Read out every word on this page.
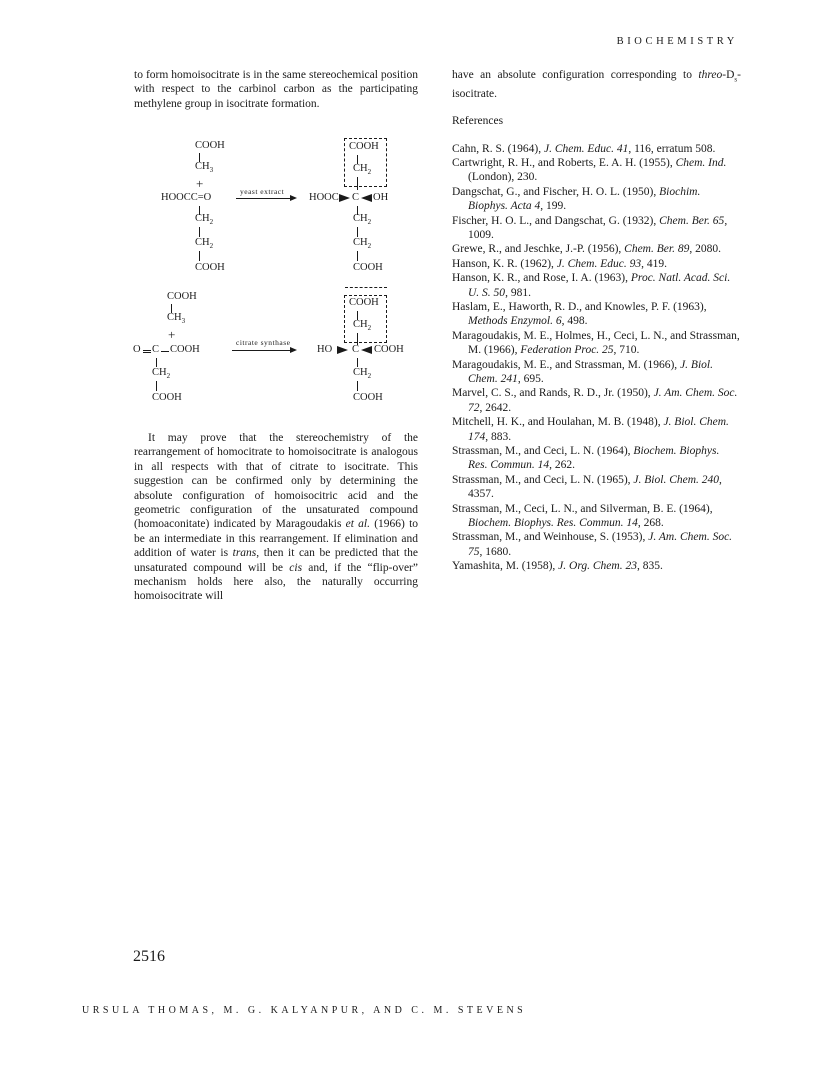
BIOCHEMISTRY

to form homoisocitrate is in the same stereochemical position with respect to the carbinol carbon as the participating methylene group in isocitrate formation.

COOH
$CH_3$
+
HOOCC=O
$CH_2$
$CH_2$
COOH
yeast extract
COOH
$CH_2$
HOOC C OH
$CH_2$
$CH_2$
COOH
COOH
$CH_3$
+
O C COOH
$CH_2$
COOH
citrate synthase
COOH
$CH_2$
HO C COOH
$CH_2$
COOH

It may prove that the stereochemistry of the rearrangement of homocitrate to homoisocitrate is analogous in all respects with that of citrate to isocitrate. This suggestion can be confirmed only by determining the absolute configuration of homoisocitric acid and the geometric configuration of the unsaturated compound (homoaconitate) indicated by Maragoudakis et al. (1966) to be an intermediate in this rearrangement. If elimination and addition of water is trans, then it can be predicted that the unsaturated compound will be cis and, if the “flip-over” mechanism holds here also, the naturally occurring homoisocitrate will

have an absolute configuration corresponding to threo-$D_s$-isocitrate.

References

Cahn, R. S. (1964), J. Chem. Educ. 41, 116, erratum 508.

Cartwright, R. H., and Roberts, E. A. H. (1955), Chem. Ind. (London), 230.

Dangschat, G., and Fischer, H. O. L. (1950), Biochim. Biophys. Acta 4, 199.

Fischer, H. O. L., and Dangschat, G. (1932), Chem. Ber. 65, 1009.

Grewe, R., and Jeschke, J.-P. (1956), Chem. Ber. 89, 2080.

Hanson, K. R. (1962), J. Chem. Educ. 93, 419.

Hanson, K. R., and Rose, I. A. (1963), Proc. Natl. Acad. Sci. U. S. 50, 981.

Haslam, E., Haworth, R. D., and Knowles, P. F. (1963), Methods Enzymol. 6, 498.

Maragoudakis, M. E., Holmes, H., Ceci, L. N., and Strassman, M. (1966), Federation Proc. 25, 710.

Maragoudakis, M. E., and Strassman, M. (1966), J. Biol. Chem. 241, 695.

Marvel, C. S., and Rands, R. D., Jr. (1950), J. Am. Chem. Soc. 72, 2642.

Mitchell, H. K., and Houlahan, M. B. (1948), J. Biol. Chem. 174, 883.

Strassman, M., and Ceci, L. N. (1964), Biochem. Biophys. Res. Commun. 14, 262.

Strassman, M., and Ceci, L. N. (1965), J. Biol. Chem. 240, 4357.

Strassman, M., Ceci, L. N., and Silverman, B. E. (1964), Biochem. Biophys. Res. Commun. 14, 268.

Strassman, M., and Weinhouse, S. (1953), J. Am. Chem. Soc. 75, 1680.

Yamashita, M. (1958), J. Org. Chem. 23, 835.

2516
URSULA THOMAS, M. G. KALYANPUR, AND C. M. STEVENS
